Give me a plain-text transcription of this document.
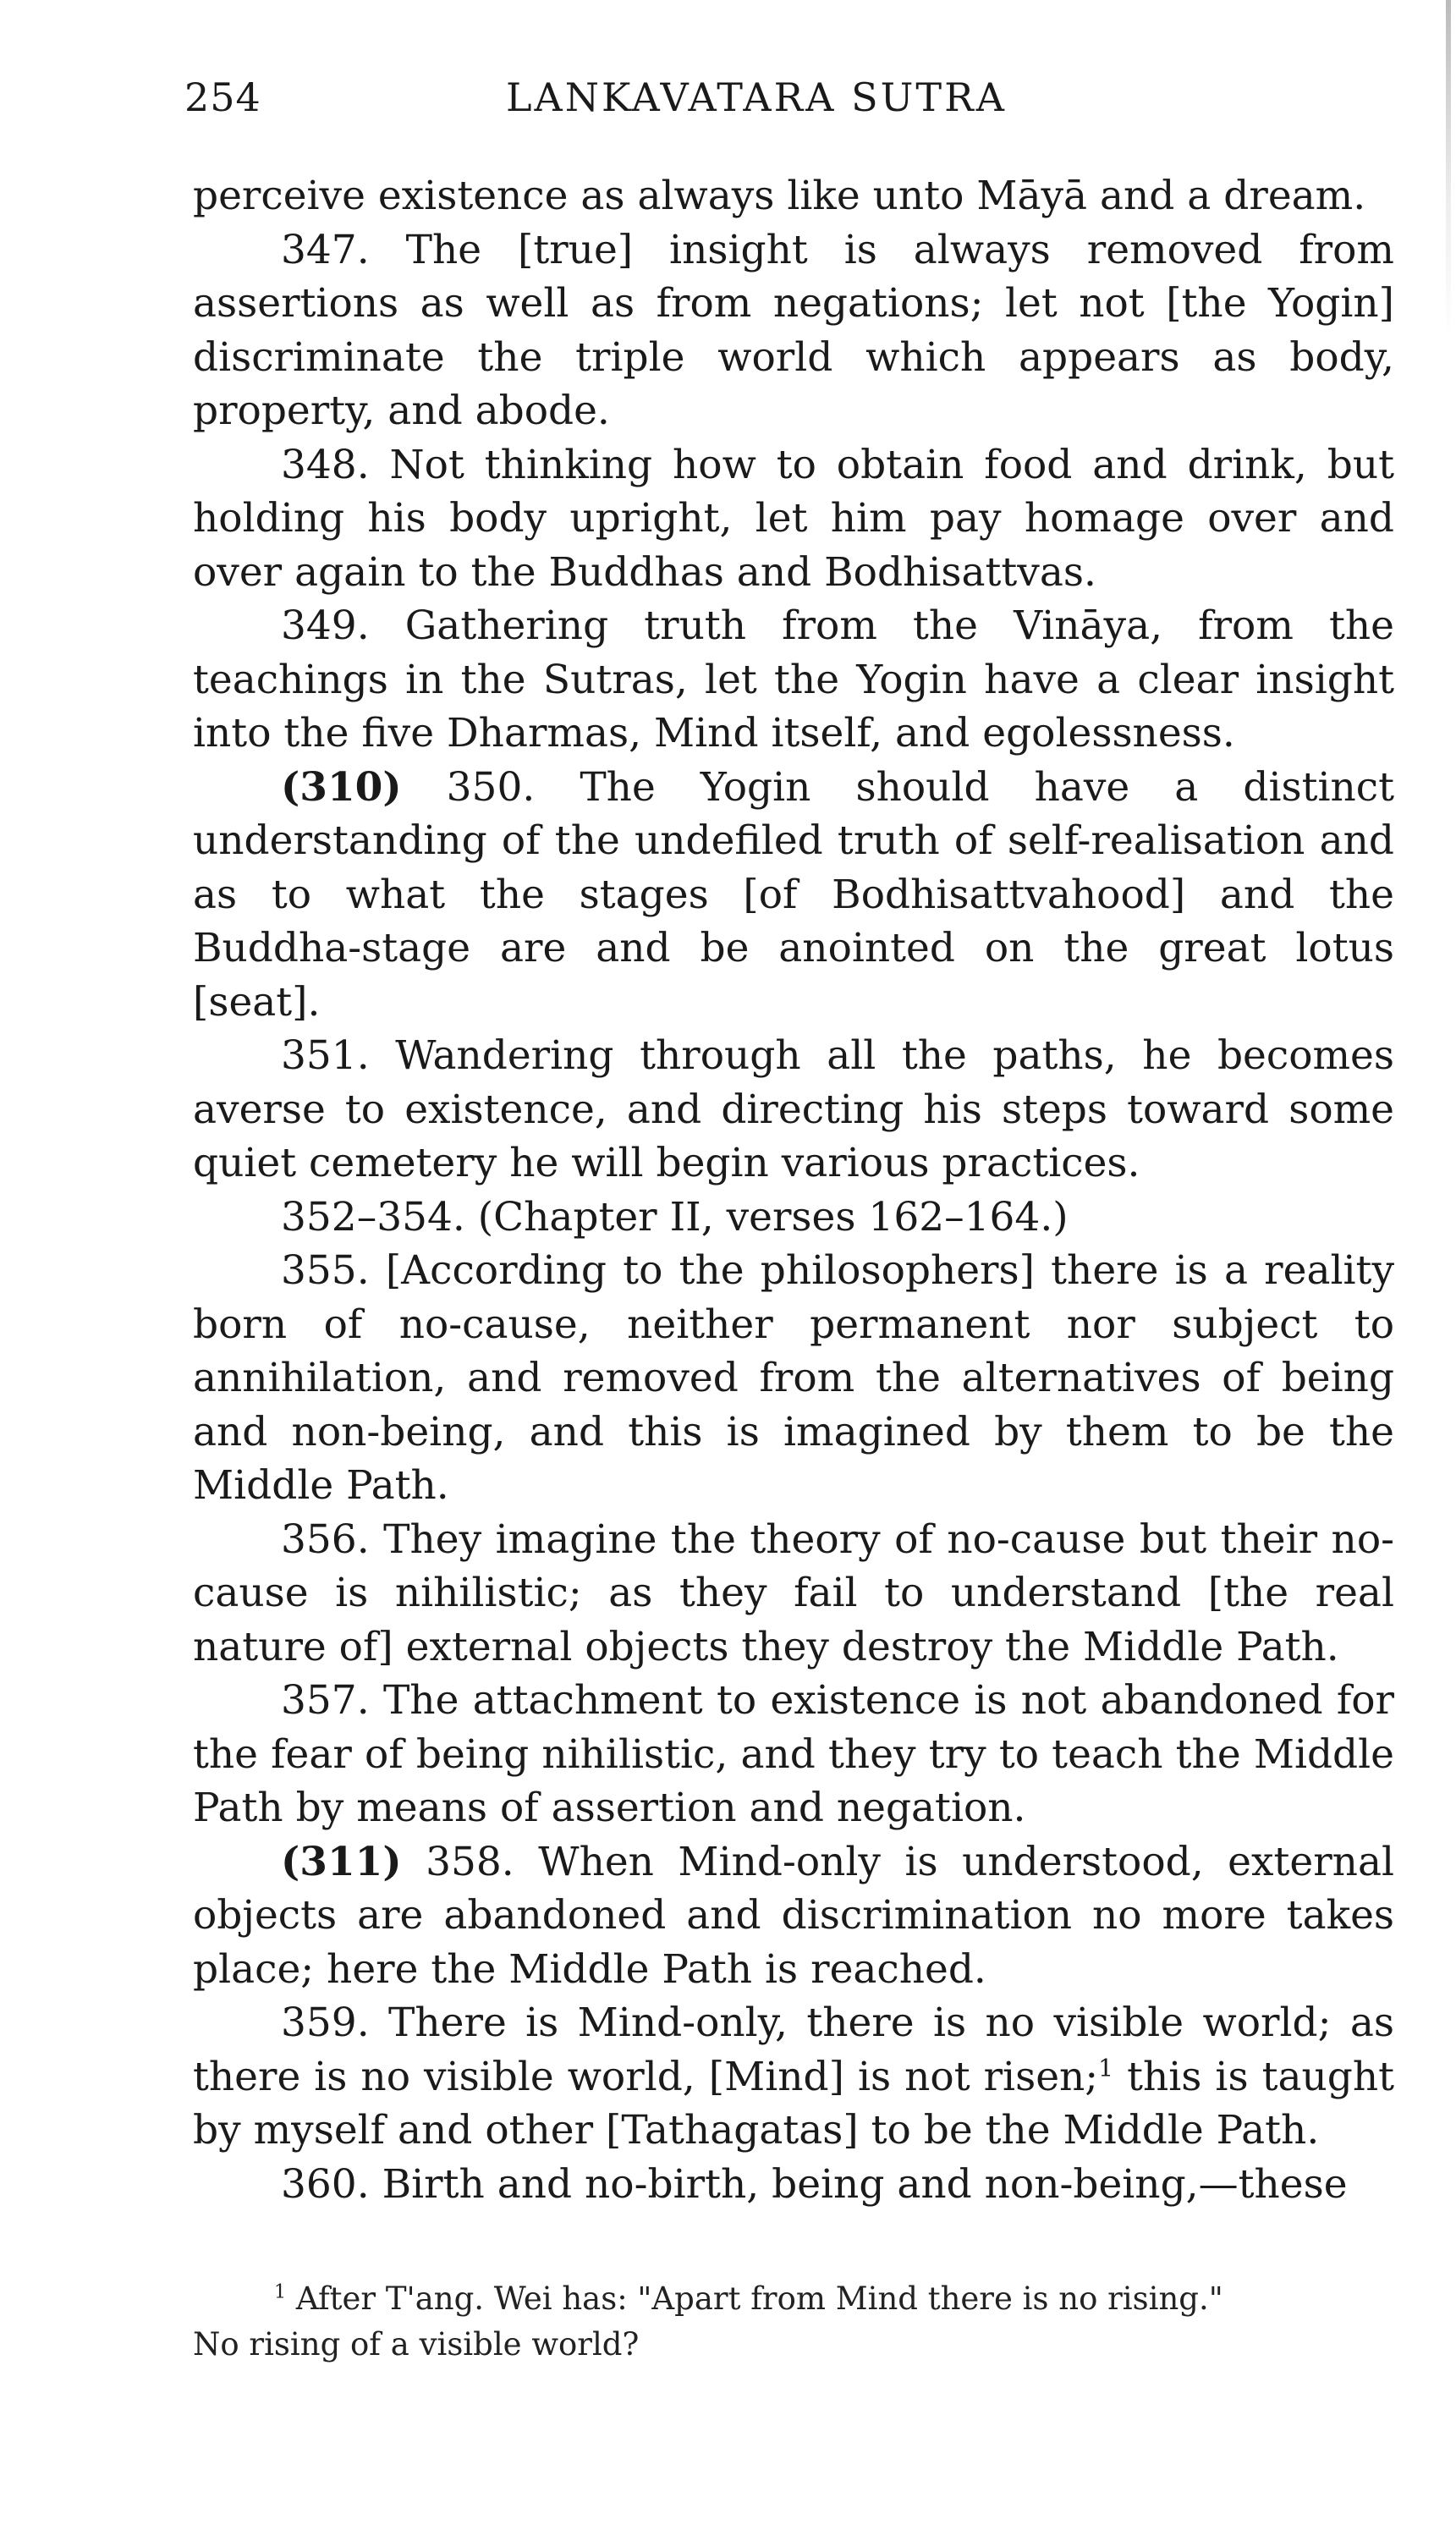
254	LANKAVATARA SUTRA

perceive existence as always like unto Māyā and a dream.

347. The [true] insight is always removed from assertions as well as from negations; let not [the Yogin] discriminate the triple world which appears as body, property, and abode.

348. Not thinking how to obtain food and drink, but holding his body upright, let him pay homage over and over again to the Buddhas and Bodhisattvas.

349. Gathering truth from the Vināya, from the teachings in the Sutras, let the Yogin have a clear insight into the five Dharmas, Mind itself, and egolessness.

(310) 350. The Yogin should have a distinct understanding of the undefiled truth of self-realisation and as to what the stages [of Bodhisattvahood] and the Buddha-stage are and be anointed on the great lotus [seat].

351. Wandering through all the paths, he becomes averse to existence, and directing his steps toward some quiet cemetery he will begin various practices.

352–354. (Chapter II, verses 162–164.)

355. [According to the philosophers] there is a reality born of no-cause, neither permanent nor subject to annihilation, and removed from the alternatives of being and non-being, and this is imagined by them to be the Middle Path.

356. They imagine the theory of no-cause but their no-cause is nihilistic; as they fail to understand [the real nature of] external objects they destroy the Middle Path.

357. The attachment to existence is not abandoned for the fear of being nihilistic, and they try to teach the Middle Path by means of assertion and negation.

(311) 358. When Mind-only is understood, external objects are abandoned and discrimination no more takes place; here the Middle Path is reached.

359. There is Mind-only, there is no visible world; as there is no visible world, [Mind] is not risen;$^1$ this is taught by myself and other [Tathagatas] to be the Middle Path.

360. Birth and no-birth, being and non-being,—these

$^1$ After T'ang. Wei has: "Apart from Mind there is no rising."

No rising of a visible world?
